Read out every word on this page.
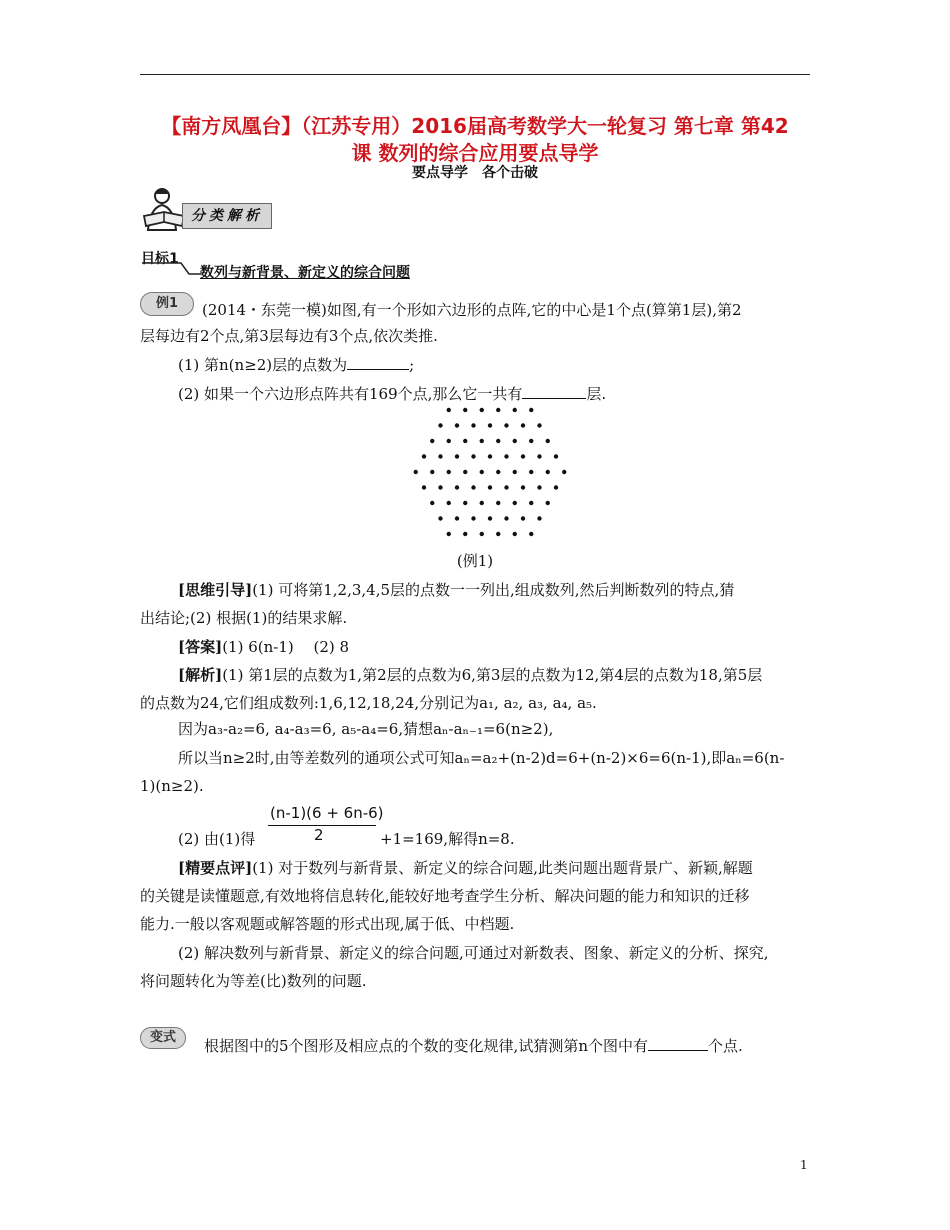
【南方凤凰台】（江苏专用）2016届高考数学大一轮复习 第七章 第42
课 数列的综合应用要点导学
要点导学　各个击破
分类解析
目标1
数列与新背景、新定义的综合问题
例1	(2014・东莞一模)如图,有一个形如六边形的点阵,它的中心是1个点(算第1层),第2
层每边有2个点,第3层每边有3个点,依次类推.
(1) 第n(n≥2)层的点数为	;
(2) 如果一个六边形点阵共有169个点,那么它一共有	层.
(例1)
[思维引导](1) 可将第1,2,3,4,5层的点数一一列出,组成数列,然后判断数列的特点,猜
出结论;(2) 根据(1)的结果求解.
[答案](1) 6(n-1)　 (2) 8
[解析](1) 第1层的点数为1,第2层的点数为6,第3层的点数为12,第4层的点数为18,第5层
的点数为24,它们组成数列:1,6,12,18,24,分别记为a₁, a₂, a₃, a₄, a₅.
因为a₃-a₂=6, a₄-a₃=6, a₅-a₄=6,猜想aₙ-aₙ₋₁=6(n≥2),
所以当n≥2时,由等差数列的通项公式可知aₙ=a₂+(n-2)d=6+(n-2)×6=6(n-1),即aₙ=6(n-
1)(n≥2).
(n-1)(6 + 6n-6)
2
(2) 由(1)得	+1=169,解得n=8.
[精要点评](1) 对于数列与新背景、新定义的综合问题,此类问题出题背景广、新颖,解题
的关键是读懂题意,有效地将信息转化,能较好地考查学生分析、解决问题的能力和知识的迁移
能力.一般以客观题或解答题的形式出现,属于低、中档题.
(2) 解决数列与新背景、新定义的综合问题,可通过对新数表、图象、新定义的分析、探究,
将问题转化为等差(比)数列的问题.
变式	根据图中的5个图形及相应点的个数的变化规律,试猜测第n个图中有	个点.
1
